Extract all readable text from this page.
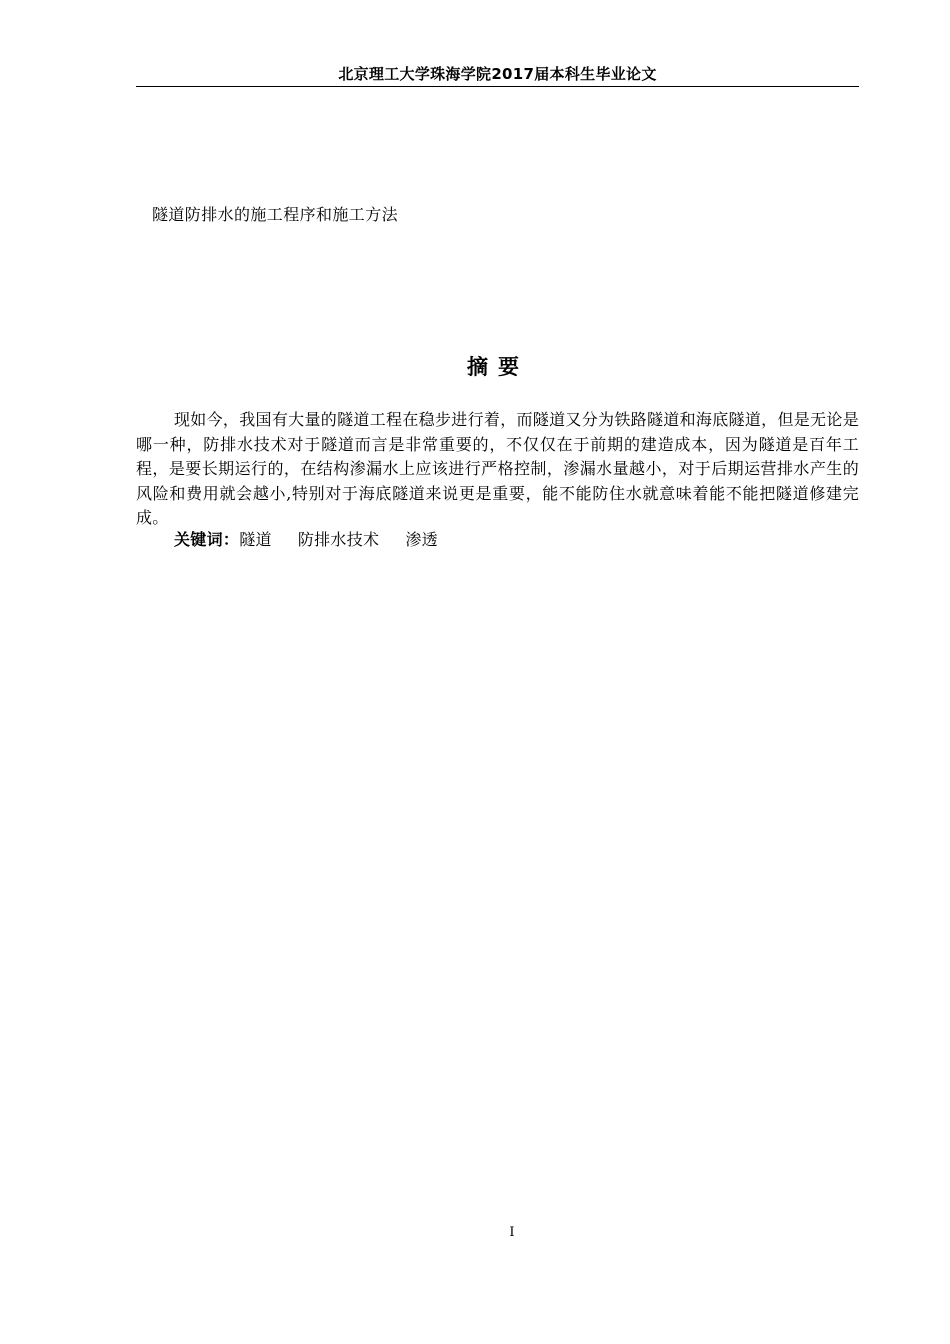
北京理工大学珠海学院2017届本科生毕业论文
隧道防排水的施工程序和施工方法
摘要

现如今，我国有大量的隧道工程在稳步进行着，而隧道又分为铁路隧道和海底隧道，但是无论是哪一种，防排水技术对于隧道而言是非常重要的，不仅仅在于前期的建造成本，因为隧道是百年工程，是要长期运行的，在结构渗漏水上应该进行严格控制，渗漏水量越小，对于后期运营排水产生的风险和费用就会越小,特别对于海底隧道来说更是重要，能不能防住水就意味着能不能把隧道修建完成。

关键词：隧道 防排水技术 渗透
I
